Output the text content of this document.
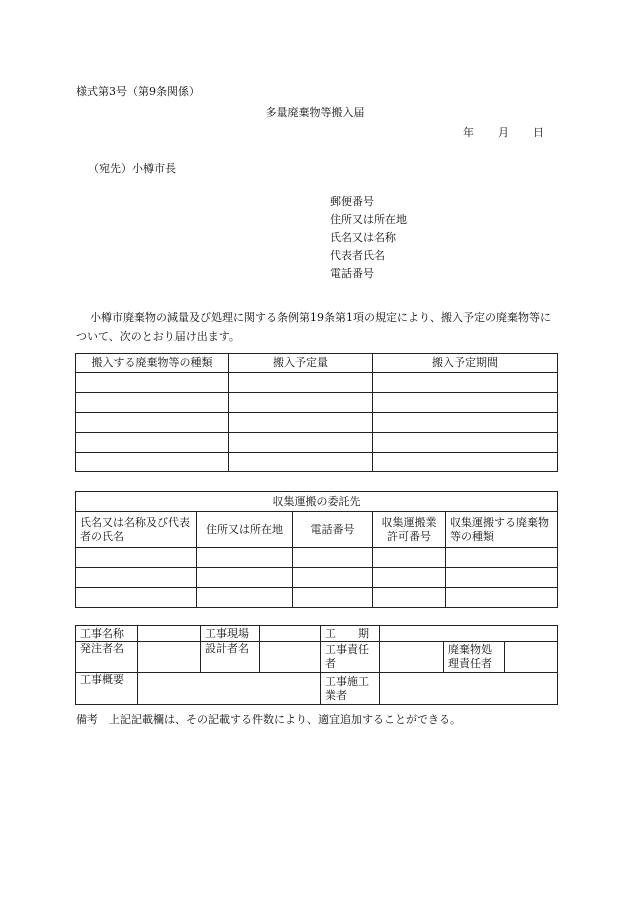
様式第3号（第9条関係）
多量廃棄物等搬入届
年 月 日
（宛先）小樽市長
郵便番号
住所又は所在地
氏名又は名称
代表者氏名
電話番号
小樽市廃棄物の減量及び処理に関する条例第19条第1項の規定により、搬入予定の廃棄物等について、次のとおり届け出ます。
搬入する廃棄物等の種類	搬入予定量	搬入予定期間

収集運搬の委託先				
氏名又は名称及び代表者の氏名	住所又は所在地	電話番号	収集運搬業許可番号	収集運搬する廃棄物等の種類

工事名称		工事現場		工　　期			
発注者名		設計者名		工事責任者		廃棄物処理責任者	
工事概要				工事施工業者			
備考　上記記載欄は、その記載する件数により、適宜追加することができる。
